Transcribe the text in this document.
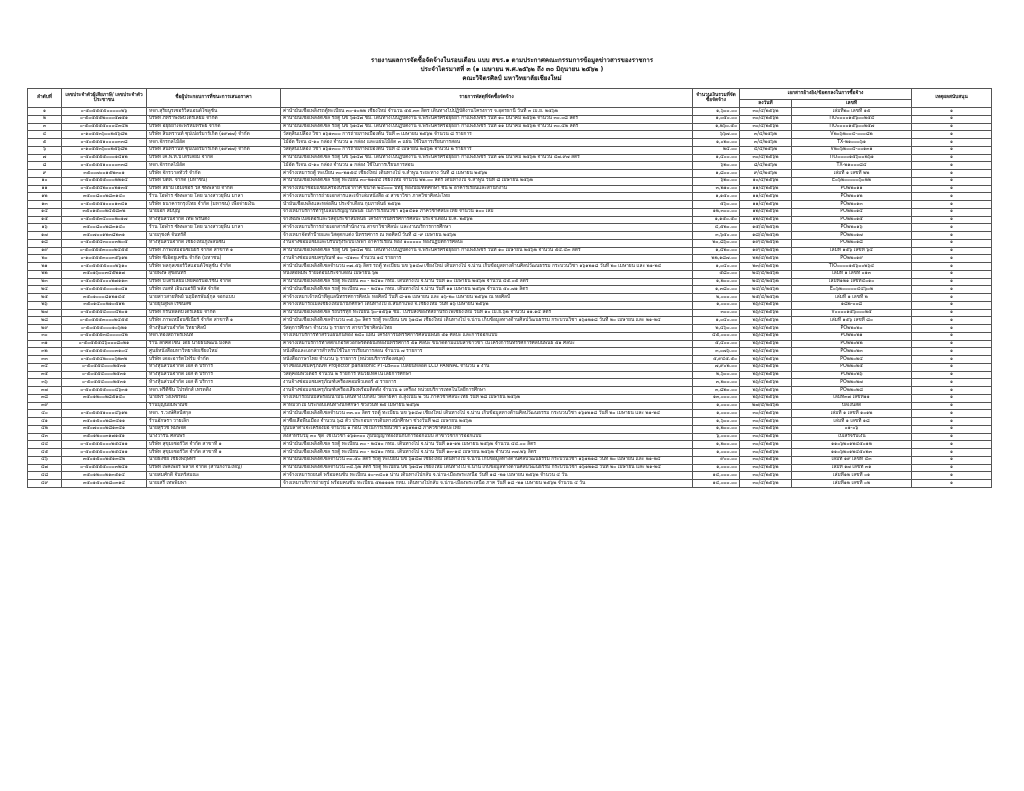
รายงานผลการจัดซื้อจัดจ้างในรอบเดือน แบบ สขร.๑ ตามประกาศคณะกรรมการข้อมูลข่าวสารของราชการ
ประจำไตรมาสที่ ๓ (๑ เมษายน พ.ศ.๒๕๖๒ ถึง ๓๐ มิถุนายน ๒๕๖๒ )
คณะวิจิตรศิลป์ มหาวิทยาลัยเชียงใหม่
ลำดับที่	เลขประจำตัวผู้เสียภาษี/ เลขประจำตัวประชาชน	ชื่อผู้ประกอบการที่ชนะการเสนอราคา	รายการพัสดุที่จัดซื้อจัดจ้าง	จำนวนเงินรวมที่จัดซื้อจัดจ้าง	เอกสารอ้างอิง/ข้อตกลงในการซื้อจ้าง		เหตุผลสนับสนุน
					ลงวันที่	เลขที่	
๑	๐-๕๐๕๕๕๕๐๐๐๐๐๒๖	หจก.สุริยนูรเซอร์วิสแอนด์โซลูชั่น	ค่าน้ำมันเชื้อเพลิงรถตู้ทะเบียน ๓๐-๑๐๒๒ เชียงใหม่ จำนวน ๕๕.๓๓ ลิตร เดินทางไปปฏิบัติงานโครงการ จ.อุดรธานี วันที่ ๓ เม.ย. ๒๕๖๒	๑,๖๐๐.๐๐	๓๐/๔/๒๕๖๒	เล่มที่๒๐ เลขที่ ๑๕	๑
๒	๐-๕๐๕๕๕๒๐๐๐๕๗๕๑	บริษัท ภัทราพงษ์ปิโตรเลียม จำกัด	ค่าน้ำมันเชื้อเพลิงดีเซล รถตู้ นข ๖๑๔๗ ชม. เดินทางไปปฏิบัติงาน จ.พระนครศรีอยุธยา กำแพงเพชร วันที่ ๑๐ มีนาคม ๒๕๖๒ จำนวน ๓๐.๐๘ ลิตร	๑,๐๕๐.๐๐	๓๐/๔/๒๕๖๒	TIO๐๐๐๐๑๕๖๐๐๒๕๔	๑
๓	๐-๕๐๕๕๕๕๐๐๐๔๓๔๒	บริษัท อยุธยาเจ๊ะพรหมทรัพย์ จำกัด	ค่าน้ำมันเชื้อเพลิงดีเซล รถตู้ นข ๖๑๔๗ ชม. เดินทางไปปฏิบัติงาน จ.พระนครศรีอยุธยา กำแพงเพชร วันที่ ๑๑ มีนาคม ๒๕๖๒ จำนวน ๓๐.๔๒ ลิตร	๑,๒๖๐.๕๐	๓๐/๔/๒๕๖๒	TIO๐๐๐๐๑๕๖๐๐๒๕๗	๑
๔	๐-๑๐๕๕๓๖๐๐๒๕๖๘๒	บริษัท สินทรานท์ ซุปเปอร์มาร์เก็ต (๑๙๗๗) จำกัด	วัสดุสิ้นเปลือง วิชา ๑๖๑๓๐๐ การถ่ายภาพเบื้องต้น วันที่ ๓ เมษายน ๒๕๖๒ จำนวน ๘ รายการ	๖๖๗.๐๐	๓/๔/๒๕๖๒	V๒๐๖๒๐๐๔-๐๐๐๘๒	๑
๕	๐-๕๐๕๕๕๑๐๐๐๐๓๓๘	หจก.จักรกลไม้อัด	ไม้อัด รีเจน ๔-๑๐ กล่อง จำนวน ๑ กล่อง และแผ่นไม้อัด ๓ แผ่น ใช้ในการเรียนการสอน	๑,๐๒๐.๐๐	๓/๔/๒๕๖๒	TX-๒๑๐๐๐๖๑	๑
๖	๐-๑๐๕๕๓๖๐๐๒๕๖๘๒	บริษัท สินทรานท์ ซุปเปอร์มาร์เก็ต (๑๙๗๗) จำกัด	วัสดุสิ้นเปลือง วิชา ๑๖๑๓๐๐ การถ่ายภาพเบื้องต้น วันที่ ๔ เมษายน ๒๕๖๒ จำนวน ๒ รายการ	๒๔.๐๐	๔/๔/๒๕๖๒	V๒๐๖๒๐๐๔-๐๐๑๓๑	๑
๗	๐-๕๐๕๕๕๕๐๐๐๑๔๑๒	บริษัท เค.พี.ที.ปิโตรเลียม จำกัด	ค่าน้ำมันเชื้อเพลิงดีเซล รถตู้ นข ๖๑๔๗ ชม. เดินทางไปปฏิบัติงาน จ.พระนครศรีอยุธยา กำแพงเพชร วันที่ ๑๒ มีนาคม ๒๕๖๒ จำนวน ๔๗.๙๗ ลิตร	๑,๔๐๐.๐๐	๓๐/๔/๒๕๖๒	TIO๐๐๐๐๑๕๖๐๐๒๖๑	๑
๘	๐-๕๐๕๕๕๑๐๐๐๐๓๓๘	หจก.จักรกลไม้อัด	ไม้อัด รีเจน ๔-๑๐ กล่อง จำนวน ๑ กล่อง ใช้ในการเรียนการสอน	๖๒๐.๐๐	๘/๔/๒๕๖๒	TX-๒๑๐๐๐๘๔	๑
๙	๓๕๐๐๗๐๐๑๕๒๓๐๑	บริษัท จักรวาลทัวร์ จำกัด	ค่าจ้างเหมารถตู้ ทะเบียน ๓๐-๒๑๕๔ เชียงใหม่ เดินทางไป จ.ลำพูน ระยะทาง วันที่ ๘ เมษายน ๒๕๖๒	๑,๘๐๐.๐๐	๙/๔/๒๕๖๒	เล่มที่ ๑ เลขที่ ๒๒	๑
๑๐	๐-๕๐๕๕๕๕๐๐๐๒๒๑๔	บริษัท ปตท. จำกัด (มหาชน)	ค่าน้ำมันเชื้อเพลิงดีเซล รถตู้ ทะเบียน ๓๐-๒๑๕๔ เชียงใหม่ จำนวน ๒๒.๐๐ ลิตร เดินทางไป จ.ลำพูน วันที่ ๘ เมษายน ๒๕๖๒	๖๒๐.๐๐	๑๐/๔/๒๕๖๒	E๐๖๒๐๐๐๐๐๖๐๒๒	๑
๑๑	๐-๕๐๕๕๔๒๐๐๐๒๑๓๕	บริษัท สยามโฮมเซอร์ วิส ซัพพลาย จำกัด	ค่าจ้างเหมาซ่อมแซมเครื่องปรับอากาศ ขนาด ๒๔๐๐๐ บีทียู ห้องบัณฑิตศึกษา ชั้น ๒ อาคารเรียนและสำนักงาน	๓,๒๑๐.๐๐	๑๑/๔/๒๕๖๒	PO๒๒๐๑๑	๑
๑๒	๓๕๐๐๘๐๐๒๘๓๑๔๐	ร้าน โอฬาร ซัพพลาย โดย นางสาวยุพิน มาลา	ค่าจ้างเหมาบริการถ่ายเอกสารและเข้าเล่มหนังสือ ๕ สาขาวิชา ภาควิชาศิลปะไทย	๑,๑๕๐.๐๐	๑๑/๔/๒๕๖๒	PO๒๒๐๑๒	๑
๑๓	๐-๕๐๕๕๕๑๐๐๐๑๓๔๑	บริษัท ธนาคารกรุงไทย จำกัด (มหาชน) เพื่อจ่ายเงิน	น้ำมันเชื้อเพลิงและหล่อลื่น ประจำเดือน กุมภาพันธ์ ๒๕๖๒	๕๖๐.๐๐	๑๑/๔/๒๕๖๒	PO๒๒๐๑๓	๑
๑๔	๓๕๐๑๕๐๐๒๔๕๘๓๒	นายเอก สมบุญ	จ้างเหมาบริการทำรูปเล่มปริญญานิพนธ์ ในการเรียนวิชา ๑๖๑๔๑๑ ภาควิชาศิลปะไทย จำนวน ๑๐๐ เล่ม	๑๒,๓๐๐.๐๐	๑๒/๔/๒๕๖๒	PO๒๒๐๑๔	๑
๑๕	๐-๕๐๕๕๓๔๐๐๐๒๐๑๗	ห้างหุ้นส่วนจำกัด เทพ พริ้นติ้ง	จ้างพิมพ์โปสเตอร์และวัสดุประชาสัมพันธ์ โครงการนิทรรศการศิลปะ ประจำเดือน มี.ค. ๒๕๖๒	๑,๑๕๐.๕๐	๑๒/๔/๒๕๖๒	PO๒๒๐๑๕	๑
๑๖	๓๕๐๐๘๐๐๒๘๓๑๔๐	ร้าน โอฬาร ซัพพลาย โดย นางสาวยุพิน มาลา	ค่าจ้างเหมาบริการถ่ายเอกสารสำนักงาน สาขาวิชาศิลปะ และงานบริการการศึกษา	๔,๕๒๐.๐๐	๑๕/๔/๒๕๖๒	PO๒๒๐๑๖	๑
๑๗	๓๕๐๗๐๐๑๒๓๘๒๓๑	นายภุชงค์ จันทร์ดี	จ้างเหมาจัดทำป้ายและวัสดุตกแต่ง นิทรรศการ ณ หอศิลป์ วันที่ ๘ -๙ เมษายน ๒๕๖๒	๓,๖๕๐.๐๐	๑๘/๔/๒๕๖๒	PO๒๒๐๑๗	๑
๑๘	๐-๕๐๕๕๔๓๐๐๐๓๒๐๕	ห้างหุ้นส่วนจำกัด เชียงใหม่ภูเพลินซัน	งานจ้างซ่อมแซมและปรับปรุงระบบไฟฟ้า อาคารเรียน ห้อง ๑๐๐๐๐๐ ห้องปฏิบัติการศิลปะ	๒๐,๘๖๐.๐๐	๑๙/๔/๒๕๖๒	PO๒๒๐๑๘	๑
๑๙	๐-๕๐๕๕๕๓๐๐๐๒๔๕๕	บริษัท ภาพเหมือนซีเนียร์ จำกัด สาขาที่ ๑	ค่าน้ำมันเชื้อเพลิงดีเซล รถตู้ นข ๖๑๔๗ ชม. เดินทางไปปฏิบัติงาน จ.พระนครศรีอยุธยา กำแพงเพชร วันที่ ๑๐ เมษายน ๒๕๖๒ จำนวน ๕๔.๔๓ ลิตร	๑,๔๒๐.๐๐	๑๙/๔/๒๕๖๒	เล่มที่ ๑๕๖ เลขที่ ๖๔	๑
๒๐	๐-๑๐๕๕๕๓๐๐๓๕๖๑๒	บริษัท ซีเอ็ดยูเคชั่น จำกัด (มหาชน)	งานจ้างซ่อมแซมครุภัณฑ์ ๑๐ -๔๑๓๐ จำนวน ๑๔ รายการ	๒๒,๑๘๗.๐๐	๒๒/๔/๒๕๖๒	PO๒๒๐๑๙	๑
๒๑	๐-๕๐๕๕๕๕๐๐๐๒๖๑๐	บริษัท พลกุลเซอร์วิสแอนด์โซลูชั่น จำกัด	ค่าน้ำมันเชื้อเพลิงดีเซลจำนวน ๓๗.๕๖ ลิตร รถตู้ ทะเบียน นข ๖๑๔๗ เชียงใหม่ เดินทางไป จ.น่าน เก็บข้อมูลทางด้านศิลปวัฒนธรรม กระบวนวิชา ๑๖๑๒๑๘ วันที่ ๒๐ เมษายน และ ๒๑-๒๔	๑,๐๔๐.๐๐	๒๓/๔/๒๕๖๒	TIO๐๐๐๐๑๕๖๐๐๒๖๔	๑
๒๒	๓๕๐๑๖๐๐๓๔๕๒๑๗	นายพงษ์ สุขอินทร์	หนังสือพิมพ์ รายเดือนประจำเดือน เมษายน ๖๒	๕๘๐.๐๐	๒๔/๔/๒๕๖๒	เล่มที่ ๑ เลขที่ ๐๑๓	๑
๒๓	๐-๕๐๕๕๕๐๐๐๒๗๑๑๓	บริษัท ปิโตรเลียมไทยคอร์ปอเรชั่น จำกัด	ค่าน้ำมันเชื้อเพลิงดีเซล รถตู้ ทะเบียน ๓๐ - ๒๔๑๐ กทม. เดินทางไป จ.น่าน วันที่ ๑๐ เมษายน ๒๕๖๒ จำนวน ๔๕.๐๕ ลิตร	๑,๒๐๐.๐๐	๒๔/๔/๒๕๖๒	เล่มที่๑๒๑ เลขที่๔๐๑๐	๑
๒๔	๐-๕๐๕๕๕๕๐๐๐๑๐๔๑	บริษัท เบสท์ เอ็นเนอร์ยี่ พลัส จำกัด	ค่าน้ำมันเชื้อเพลิงดีเซล รถตู้ ทะเบียน ๓๐ - ๒๔๑๐ กทม. เดินทางไป จ.น่าน วันที่ ๑๑ เมษายน ๒๕๖๒ จำนวน ๕๐.๗๑ ลิตร	๑,๓๘๐.๐๐	๒๔/๔/๒๕๖๒	E๐๖๒๐๐๐๐๐๔๔๖๐๒	๑
๒๕	๓๕๐๑๐๐๐๘๑๒๑๔๕	นายสาวสายทิพย์ นฤมิตรพันธุ์กุล จอกแบบ	ค่าจ้างเหมาเจ้าหน้าที่ดูแลนิทรรศการศิลปะ หอศิลป์ วันที่ ๘-๑๒ เมษายน และ ๑๖-๒๐ เมษายน ๒๕๖๒ ณ หอศิลป์	๒,๐๐๐.๐๐	๒๕/๔/๒๕๖๒	เล่มที่ ๑ เลขที่ ๒	๑
๒๖	๓๕๐๑๔๐๐๒๑๐๕๑๒	นายยุนิสูพล เรซนิสซ์	ค่าจ้างเหมารถเมล์เชียงใหม่นำนักศึกษา เดินทางไป อ.สันกำแพง จ.เชียงใหม่ วันที่ ๑๖ เมษายน ๒๕๖๒	๑,๐๐๐.๐๐	๒๖/๔/๒๕๖๒	๑๘๒-๐๐๘	๑
๒๗	๐-๕๐๕๕๕๔๐๐๐๔๒๐๑	บริษัท กรีนฟิลด์ปิโตรเลียม จำกัด	ค่าน้ำมันเชื้อเพลิงดีเซล รถบรรทุก ทะเบียน ๖๐-๑๕๖๑ ชม. ไปรับสิ่งของที่สถานีรถไฟเชียงใหม่ วันที่ ๑๐ เม.ย.๖๒ จำนวน ๑๑.๑๔ ลิตร	๓๐๐.๐๐	๒๖/๔/๒๕๖๒	V๐๐๐๐๑๕๖๐๐๐๒๕	๑
๒๘	๐-๕๐๕๕๕๓๐๐๐๒๔๕๕	บริษัท ภาพเหมือนซีเนียร์ จำกัด สาขาที่ ๑	ค่าน้ำมันเชื้อเพลิงดีเซลจำนวน ๓๕.๖๐ ลิตร รถตู้ ทะเบียน นข ๖๑๔๗ เชียงใหม่ เดินทางไป จ.น่าน เก็บข้อมูลทางด้านศิลปวัฒนธรรม กระบวนวิชา ๑๖๑๒๑๘ วันที่ ๒๐ เมษายน และ ๒๑-๒๔	๑,๐๔๐.๐๐	๒๖/๔/๒๕๖๒	เล่มที่ ๑๕๖ เลขที่ ๘๐	๑
๒๙	๐-๕๐๕๕๕๐๐๐๑๐๖๒๑	ห้างหุ้นส่วนจำกัด วิทยาศิลป์	วัสดุการศึกษา จำนวน ๖ รายการ สาขาวิชาศิลปะไทย	๒,๔๖๐.๐๐	๒๖/๔/๒๕๖๒	PO๒๒๐๒๐	๑
๓๐	๐-๕๐๕๕๕๓๔๐๐๐๐๔๒	หจก.ทองสถาพรเพนท์	จ้างเหมาบริการทำสีรั้วแผ่นกั้นห้อง ๒๔๐ แผ่น โครงการนิทรรศการศิลปนิพนธ์ ๕๑ ศิลปะ และการออกแบบ	๔๕,๐๐๐.๐๐	๒๖/๔/๒๕๖๒	PO๒๒๐๒๑	๑
๓๑	๐-๕๐๕๕๕๔๖๐๐๐๘๐๒๑	ร้าน ลักคี่ดีไซน์ โดย นายธนพัฒน์ มงคล	ค่าจ้างเหมาบริการทำสติ๊กเกอร์ตัวอักษรติดผนังห้องนิทรรศการ ๕๑ ศิลปะ ขนาดตามแบบสาขาวิชา ในโครงการนิทรรศการศิลปนิพนธ์ ๕๑ ศิลปะ	๕,๔๐๐.๐๐	๒๖/๔/๒๕๖๒	PO๒๒๐๒๒	๑
๓๒	๐-๕๐๕๕๕๕๐๐๐๓๑๐๔	ศูนย์หนังสือมหาวิทยาลัยเชียงใหม่	หนังสือและเอกสารสำหรับใช้ในการเรียนการสอน จำนวน ๗ รายการ	๓,๐๗๖.๐๐	๒๖/๔/๒๕๖๒	PO๒๒๐๒๓	๑
๓๓	๐-๕๐๕๕๔๒๐๐๐๖๒๓๒	บริษัท เดอะอาร์ตโฟร์ม จำกัด	หนังสือภาษาไทย จำนวน ๖ รายการ (หน่วยบริการห้องสมุด)	๕,๙๔๕.๕๐	๒๖/๔/๒๕๖๒	PO๒๒๐๒๔	๑
๓๔	๐-๕๐๕๕๔๐๐๐๒๕๓๑	ห้างหุ้นส่วนจำกัด เอส ดี บริการ	จ้างซ่อมแซมครุภัณฑ์ Projector panasonic PT-LB๓๐๐ เปลี่ยนหลอด LCD PANNAL จำนวน ๑ งาน	๗,๙๐๒.๐๐	๒๖/๔/๒๕๖๒	PO๒๒๐๒๕	๑
๓๕	๐-๕๐๕๕๔๐๐๐๒๕๓๑	ห้างหุ้นส่วนจำกัด เอส ดี บริการ	วัสดุคอมพิวเตอร์ จำนวน ๒ รายการ หน่วยเทคโนโลยีการศึกษา	๒,๖๐๐.๐๐	๒๖/๔/๒๕๖๒	PO๒๒๐๒๖	๑
๓๖	๐-๕๐๕๕๔๐๐๐๒๕๓๑	ห้างหุ้นส่วนจำกัด เอส ดี บริการ	งานจ้างซ่อมแซมครุภัณฑ์เครื่องคอมพิวเตอร์ ๕ รายการ	๓,๒๐๐.๐๐	๒๖/๔/๒๕๖๒	PO๒๒๐๒๗	๑
๓๗	๐-๕๐๕๕๕๕๐๐๐๔๖๓๑	หจก.ฟรีดีซีน โปรดักส์ เทรดดิ้ง	งานจ้างซ่อมแซมครุภัณฑ์เครื่องเสียงพร้อมติดตั้ง จำนวน ๑ เครื่อง หน่วยบริการเทคโนโลยีการศึกษา	๓,๘๒๐.๐๐	๒๖/๔/๒๕๖๒	PO๒๒๐๒๘	๑
๓๘	๓๕๐๑๒๐๐๒๘๕๑๔๐	นายพร วงเพ็ชร์ดม	จ้างเหมารถมินิบัสพร้อมน้ำมัน เดินทางไปกลับ วัดลายคำ อ.สูงเนิน ๒ วัน ภาควิชาศิลปะไทย วันที่ ๒๘ เมษายน ๒๕๖๒	๑๓,๐๐๐.๐๐	๒๖/๔/๒๕๖๒	เล่มที่๓๗ เลขที่๑๑	๑
๓๙		ร้านบุญนิยมพาณิช	ค่าหมวกไม้ ประกอบเดินทางนักศึกษา ช่วงวันที่ ๒๕ เมษายน ๒๕๖๒	๑,๐๐๐.๐๐	๒๗/๔/๒๕๖๒	บิลเงินสด	๑
๔๐	๐-๕๐๕๕๕๑๐๐๐๔๖๑๒	หจก. ร.วงษ์ศิลป์สกุล	ค่าน้ำมันเชื้อเพลิงดีเซลจำนวน ๓๓.๐๐ ลิตร รถตู้ ทะเบียน นข ๖๑๔๗ เชียงใหม่ เดินทางไป จ.น่าน เก็บข้อมูลทางด้านศิลปวัฒนธรรม กระบวนวิชา ๑๖๑๒๑๘ วันที่ ๒๐ เมษายน และ ๒๑-๒๔	๑,๐๐๐.๐๐	๓๐/๔/๒๕๖๒	เล่มที่ ๑ เลขที่ ๑๐๑๒	๑
๔๑	๓๕๐๑๕๐๐๒๘๓๔๑๑	ร้านอักษรา วายเล็ก	ค่าซื้อเสื้อพื้นเมือง จำนวน ๖๘ ตัว ประกอบการเดินทางนักศึกษา ช่วงวันที่ ๒๘ เมษายน ๒๕๖๒	๑,๖๐๐.๐๐	๓๐/๔/๒๕๖๒	เล่มที่ ๑ เลขที่ ๑๘	๑
๔๒	๓๕๐๗๐๐๐๒๘๑๓๔๑	นายสุรวิช พิมพ์จิต	ปูนปลาดำเจ๊ะเครื่องมือ จำนวน ๑ ก้อน ใช้ในการเรียนวิชา ๑๖๑๒๑๘ ภาควิชาศิลปะไทย	๑,๒๐๐.๐๐	๓๐/๔/๒๕๖๒	๐๑-๐๖	๑
๔๓	๓๕๐๑๒๐๐๓๑๗๑๕๑	นางวาริน ศิลีปพร	สิ่งสำหรับวิ้มุ ๓๐ ชุด ใช้ในวิชา ๑๖๑๓๐๐ ภูมิปัญญาท้องถิ่นกับการออกแบบ สาขาวิชาการออกแบบ	๖,๐๐๐.๐๐	๓๐/๔/๒๕๖๒	ใบเสร็จรับเงิน	๑
๔๔	๐-๕๐๕๕๕๐๐๐๒๕๔๑๑	บริษัท สุขุมเซอร์วิส จำกัด สาขาที่ ๑	ค่าน้ำมันเชื้อเพลิงดีเซล รถตู้ ทะเบียน ๓๐ - ๒๔๑๐ กทม. เดินทางไป จ.น่าน วันที่ ๑๑-๑๒ เมษายน ๒๕๖๒ จำนวน ๔๔.๐๐ ลิตร	๑,๒๐๐.๐๐	๓๐/๔/๒๕๖๒	๑๑๐๖๒๐๑๒๔๕๐๑๒	๑
๔๕	๐-๕๐๕๕๕๐๐๐๒๕๔๑๑	บริษัท สุขุมเซอร์วิส จำกัด สาขาที่ ๑	ค่าน้ำมันเชื้อเพลิงดีเซล รถตู้ ทะเบียน ๓๐ - ๒๔๑๐ กทม. เดินทางไป จ.น่าน วันที่ ๑๓-๑๔ เมษายน ๒๕๖๒ จำนวน ๓๗.๒๖ ลิตร	๑,๐๐๐.๐๐	๓๐/๔/๒๕๖๒	๑๑๐๖๒๐๑๒๔๕๐๒๓	๑
๔๖	๓๕๐๑๕๐๐๒๕๑๓๔๒	นายธงชัย เชียงพฤษ์ทร์	ค่าน้ำมันเชื้อเพลิงดีเซลจำนวน ๓๐.๕๐ ลิตร รถตู้ ทะเบียน นข ๖๑๔๗ เชียงใหม่ เดินทางไป จ.น่าน เก็บข้อมูลทางด้านศิลปวัฒนธรรม กระบวนวิชา ๑๖๑๒๑๘ วันที่ ๒๐ เมษายน และ ๒๑-๒๔	๙๐๐.๐๐	๓๐/๔/๒๕๖๒	เล่มที่ ๑๙ เลขที่ ๔๓	๑
๔๗	๐-๕๐๕๕๕๕๐๐๐๓๒๔๑	บริษัท เพคเพอร์ พลาส จำกัด (สำนักงานใหญ่)	ค่าน้ำมันเชื้อเพลิงดีเซลจำนวน ๓๔.๖๒ ลิตร รถตู้ ทะเบียน นข ๖๑๔๗ เชียงใหม่ เดินทางไป จ.น่าน เก็บข้อมูลทางด้านศิลปวัฒนธรรม กระบวนวิชา ๑๖๑๒๑๘ วันที่ ๒๐ เมษายน และ ๒๑-๒๔	๑,๐๐๐.๐๐	๓๐/๔/๒๕๖๒	เล่มที่ ๑๗ เลขที่ ๓๑	๑
๔๘	๓๕๐๑๒๐๐๒๑๓๕๑๔	นายสมศักดิ์ จันทร์สมณะ	ค่าจ้างเหมารถยนต์ พร้อมคนขับ ทะเบียน ๑๐-๓๔๐๑ น่าน เดินทางไปกลับ จ.น่าน-เมืองพระเหนือ วันที่ ๑๘ -๒๑ เมษายน ๒๕๖๒ จำนวน ๔ วัน	๑๔,๐๐๐.๐๐	๓๐/๔/๒๕๖๒	เล่มที่๑๒ เลขที่ ๐๑	๑
๔๙	๓๕๐๑๕๐๐๒๘๐๓๑๔	นายเสรี เทพพิมพา	จ้างเหมาบริการถ่ายรูป พร้อมคนขับ ทะเบียน ๕๒๑๑๑๒ กทม. เดินทางไปกลับ จ.น่าน-เมืองพระเหนือ ภาค วันที่ ๑๘ -๒๑ เมษายน ๒๕๖๒ จำนวน ๔ วัน	๑๔,๐๐๐.๐๐	๓๐/๔/๒๕๖๒	เล่มที่๑๒ เลขที่ ๐๒	๑
